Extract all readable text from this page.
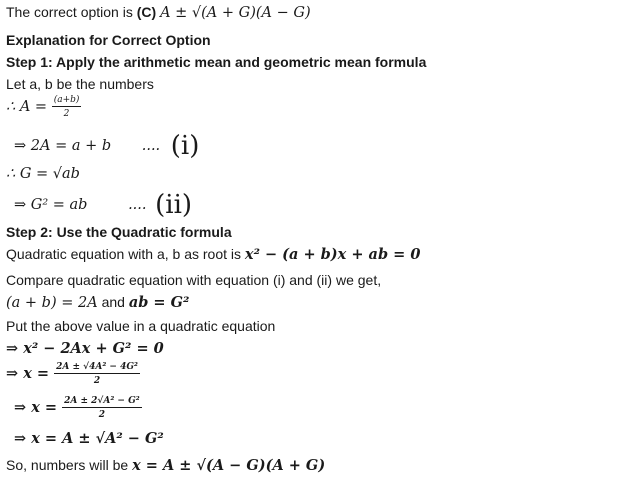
The correct option is (C) A ± √(A + G)(A − G)
Explanation for Correct Option
Step 1: Apply the arithmetic mean and geometric mean formula
Let a, b be the numbers
∴ $A = \frac{(a+b)}{2}$
⇒ 2A = a + b .... (i)
∴ G = √ab
⇒ G² = ab	.... (ii)
Step 2: Use the Quadratic formula
Quadratic equation with a, b as root is x² − (a + b)x + ab = 0
Compare quadratic equation with equation (i) and (ii) we get,
(a + b) = 2A and ab = G²
Put the above value in a quadratic equation
⇒ x² − 2Ax + G² = 0
⇒ $x = \frac{\text{2A ± √4A² − 4G²}}{2}$
⇒ $x = \frac{\text{2A ± 2√A² − G²}}{2}$
⇒ x = A ± √A² − G²
So, numbers will be x = A ± √(A − G)(A + G)
